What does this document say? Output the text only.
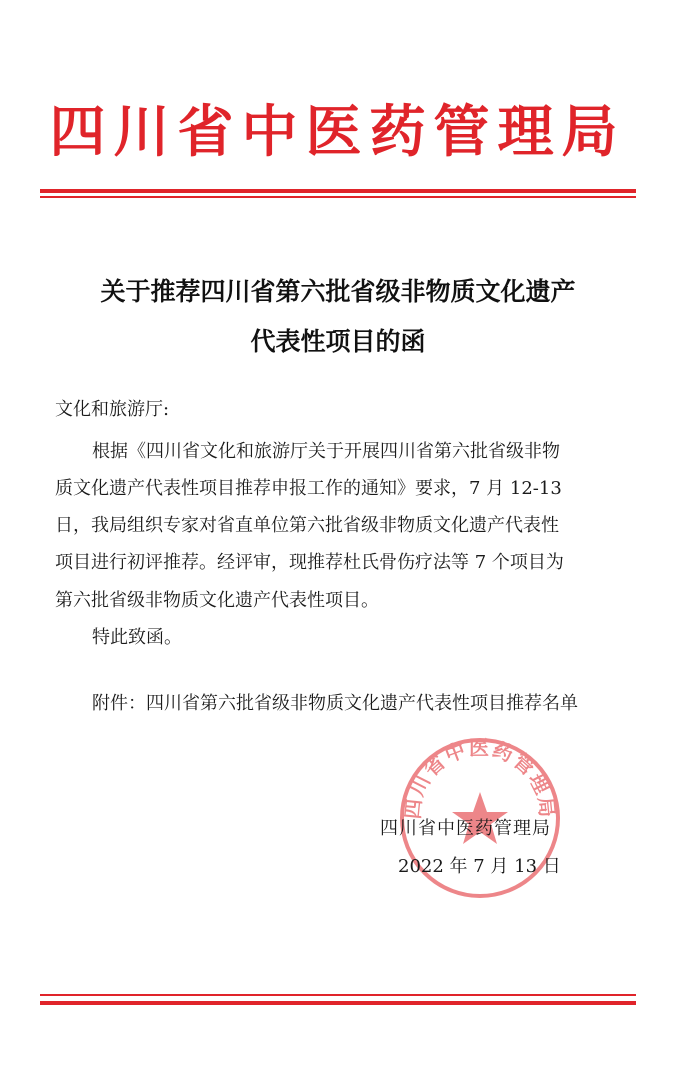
四川省中医药管理局
关于推荐四川省第六批省级非物质文化遗产
代表性项目的函
文化和旅游厅:
根据《四川省文化和旅游厅关于开展四川省第六批省级非物
质文化遗产代表性项目推荐申报工作的通知》要求，7 月 12-13
日，我局组织专家对省直单位第六批省级非物质文化遗产代表性
项目进行初评推荐。经评审，现推荐杜氏骨伤疗法等 7 个项目为
第六批省级非物质文化遗产代表性项目。
特此致函。
附件：四川省第六批省级非物质文化遗产代表性项目推荐名单
四川省中医药管理局
四川省中医药管理局
2022 年 7 月 13 日
